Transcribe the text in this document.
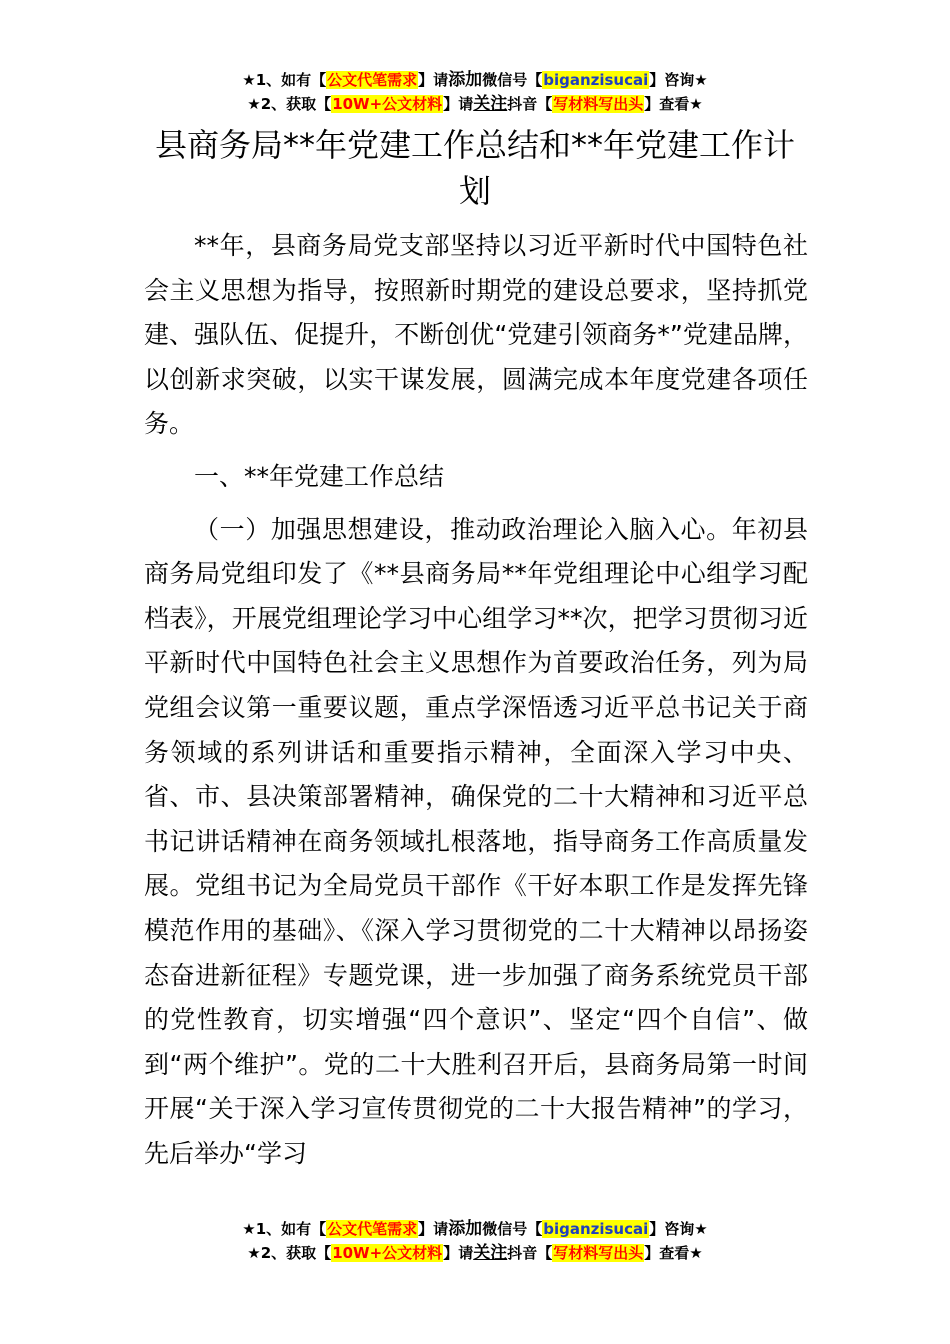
★1、如有【公文代笔需求】请添加微信号【biganzisucai】咨询★
★2、获取【10W+公文材料】请关注抖音【写材料写出头】查看★
县商务局**年党建工作总结和**年党建工作计划

**年，县商务局党支部坚持以习近平新时代中国特色社会主义思想为指导，按照新时期党的建设总要求，坚持抓党建、强队伍、促提升，不断创优“党建引领商务*”党建品牌，以创新求突破，以实干谋发展，圆满完成本年度党建各项任务。

一、**年党建工作总结

（一）加强思想建设，推动政治理论入脑入心。年初县商务局党组印发了《**县商务局**年党组理论中心组学习配档表》，开展党组理论学习中心组学习**次，把学习贯彻习近平新时代中国特色社会主义思想作为首要政治任务，列为局党组会议第一重要议题，重点学深悟透习近平总书记关于商务领域的系列讲话和重要指示精神，全面深入学习中央、省、市、县决策部署精神，确保党的二十大精神和习近平总书记讲话精神在商务领域扎根落地，指导商务工作高质量发展。党组书记为全局党员干部作《干好本职工作是发挥先锋模范作用的基础》、《深入学习贯彻党的二十大精神以昂扬姿态奋进新征程》专题党课，进一步加强了商务系统党员干部的党性教育，切实增强“四个意识”、坚定“四个自信”、做到“两个维护”。党的二十大胜利召开后，县商务局第一时间开展“关于深入学习宣传贯彻党的二十大报告精神”的学习，先后举办“学习

★1、如有【公文代笔需求】请添加微信号【biganzisucai】咨询★
★2、获取【10W+公文材料】请关注抖音【写材料写出头】查看★
